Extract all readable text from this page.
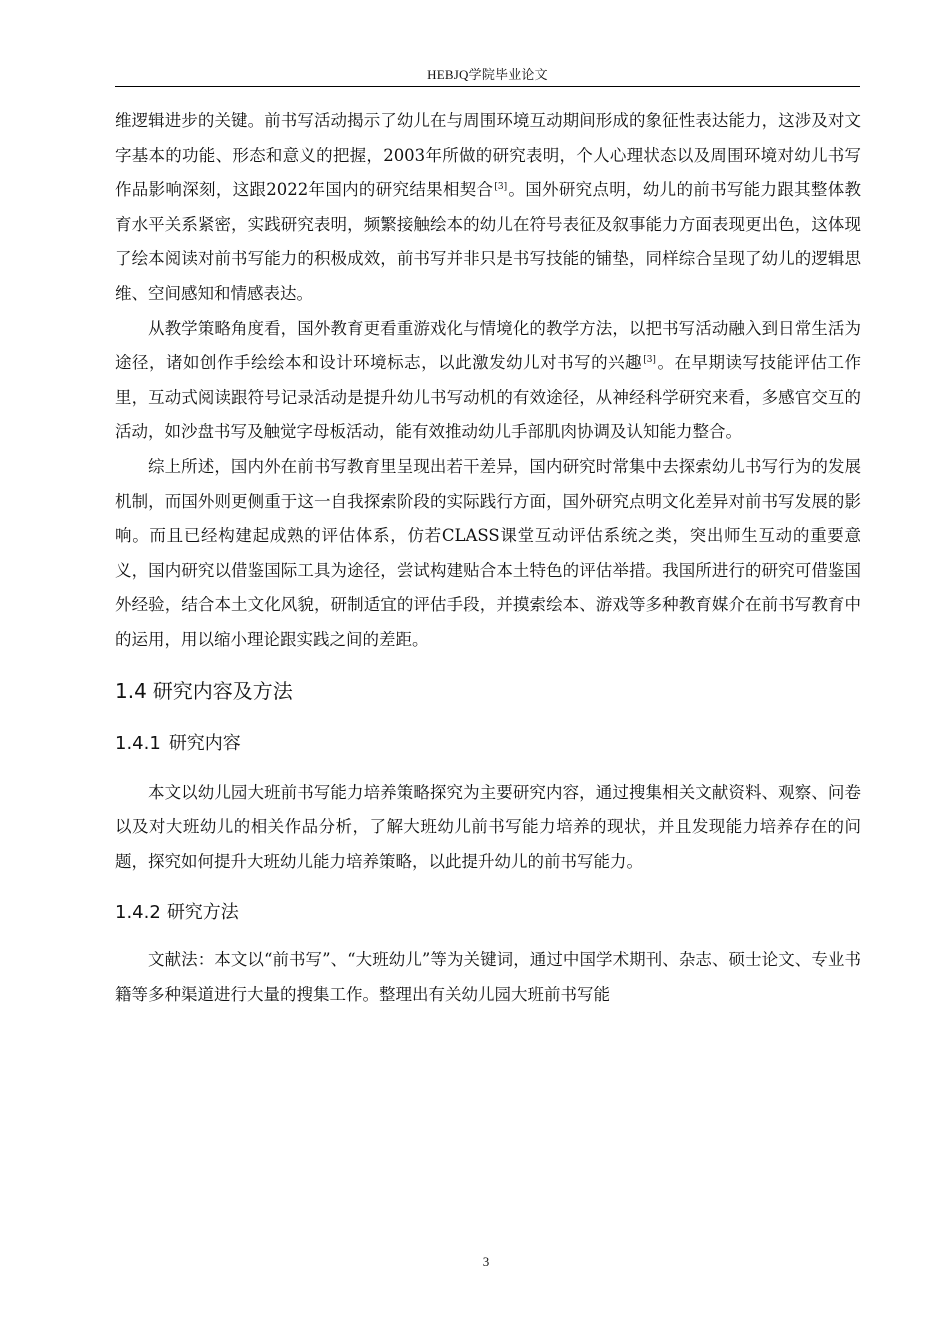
HEBJQ学院毕业论文

维逻辑进步的关键。前书写活动揭示了幼儿在与周围环境互动期间形成的象征性表达能力，这涉及对文字基本的功能、形态和意义的把握，2003年所做的研究表明，个人心理状态以及周围环境对幼儿书写作品影响深刻，这跟2022年国内的研究结果相契合[3]。国外研究点明，幼儿的前书写能力跟其整体教育水平关系紧密，实践研究表明，频繁接触绘本的幼儿在符号表征及叙事能力方面表现更出色，这体现了绘本阅读对前书写能力的积极成效，前书写并非只是书写技能的铺垫，同样综合呈现了幼儿的逻辑思维、空间感知和情感表达。

从教学策略角度看，国外教育更看重游戏化与情境化的教学方法，以把书写活动融入到日常生活为途径，诸如创作手绘绘本和设计环境标志，以此激发幼儿对书写的兴趣[3]。在早期读写技能评估工作里，互动式阅读跟符号记录活动是提升幼儿书写动机的有效途径，从神经科学研究来看，多感官交互的活动，如沙盘书写及触觉字母板活动，能有效推动幼儿手部肌肉协调及认知能力整合。

综上所述，国内外在前书写教育里呈现出若干差异，国内研究时常集中去探索幼儿书写行为的发展机制，而国外则更侧重于这一自我探索阶段的实际践行方面，国外研究点明文化差异对前书写发展的影响。而且已经构建起成熟的评估体系，仿若CLASS课堂互动评估系统之类，突出师生互动的重要意义，国内研究以借鉴国际工具为途径，尝试构建贴合本土特色的评估举措。我国所进行的研究可借鉴国外经验，结合本土文化风貌，研制适宜的评估手段，并摸索绘本、游戏等多种教育媒介在前书写教育中的运用，用以缩小理论跟实践之间的差距。

1.4 研究内容及方法
1.4.1 研究内容

本文以幼儿园大班前书写能力培养策略探究为主要研究内容，通过搜集相关文献资料、观察、问卷以及对大班幼儿的相关作品分析，了解大班幼儿前书写能力培养的现状，并且发现能力培养存在的问题，探究如何提升大班幼儿能力培养策略，以此提升幼儿的前书写能力。

1.4.2 研究方法

文献法：本文以“前书写”、“大班幼儿”等为关键词，通过中国学术期刊、杂志、硕士论文、专业书籍等多种渠道进行大量的搜集工作。整理出有关幼儿园大班前书写能

3
